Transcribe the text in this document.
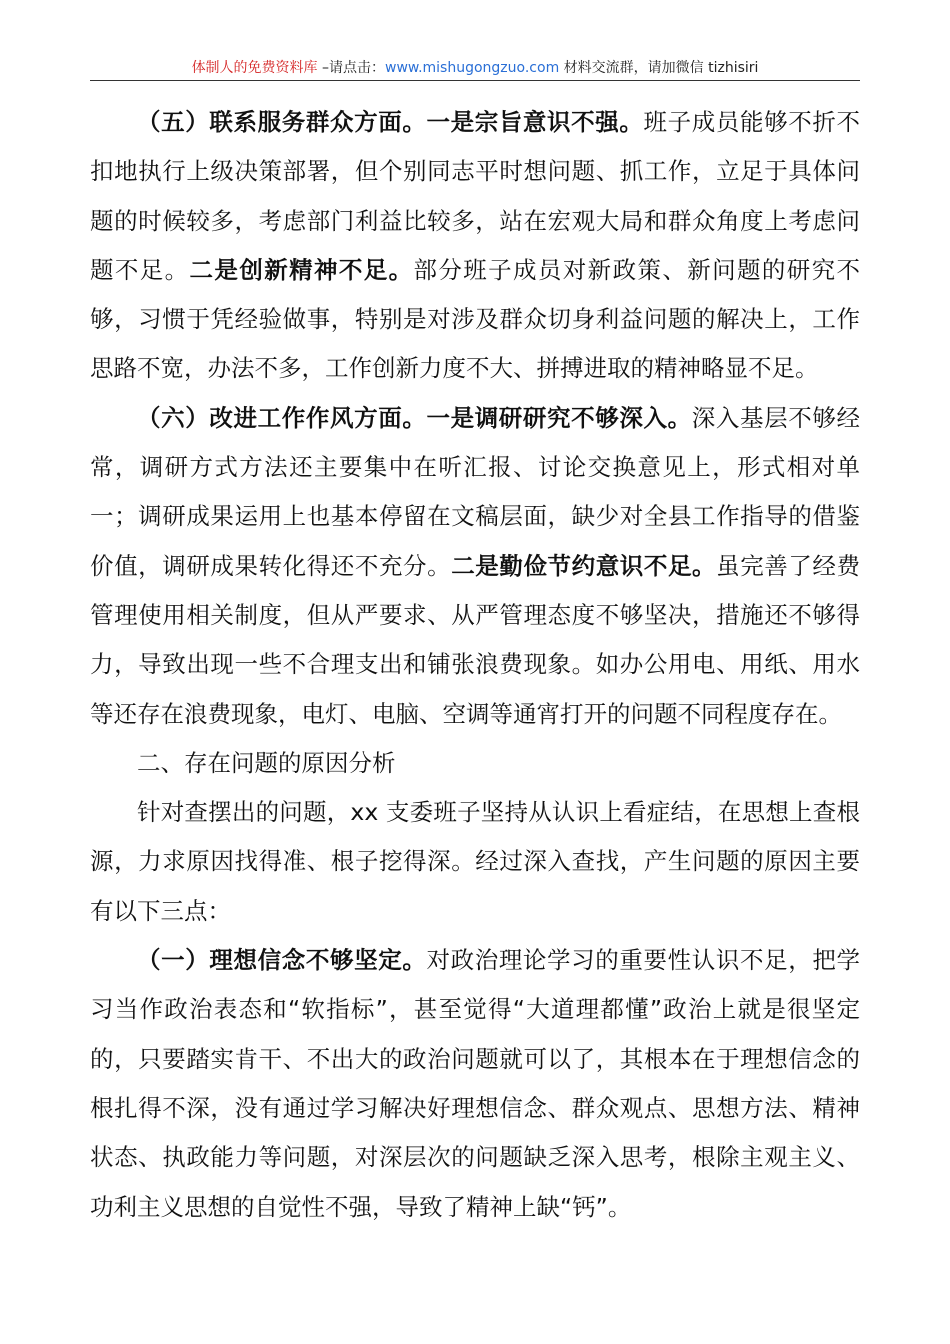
体制人的免费资料库 –请点击：www.mishugongzuo.com 材料交流群，请加微信 tizhisiri

（五）联系服务群众方面。一是宗旨意识不强。班子成员能够不折不扣地执行上级决策部署，但个别同志平时想问题、抓工作，立足于具体问题的时候较多，考虑部门利益比较多，站在宏观大局和群众角度上考虑问题不足。二是创新精神不足。部分班子成员对新政策、新问题的研究不够，习惯于凭经验做事，特别是对涉及群众切身利益问题的解决上，工作思路不宽，办法不多，工作创新力度不大、拼搏进取的精神略显不足。

（六）改进工作作风方面。一是调研研究不够深入。深入基层不够经常，调研方式方法还主要集中在听汇报、讨论交换意见上，形式相对单一；调研成果运用上也基本停留在文稿层面，缺少对全县工作指导的借鉴价值，调研成果转化得还不充分。二是勤俭节约意识不足。虽完善了经费管理使用相关制度，但从严要求、从严管理态度不够坚决，措施还不够得力，导致出现一些不合理支出和铺张浪费现象。如办公用电、用纸、用水等还存在浪费现象，电灯、电脑、空调等通宵打开的问题不同程度存在。

二、存在问题的原因分析

针对查摆出的问题，xx 支委班子坚持从认识上看症结，在思想上查根源，力求原因找得准、根子挖得深。经过深入查找，产生问题的原因主要有以下三点：

（一）理想信念不够坚定。对政治理论学习的重要性认识不足，把学习当作政治表态和“软指标”，甚至觉得“大道理都懂”政治上就是很坚定的，只要踏实肯干、不出大的政治问题就可以了，其根本在于理想信念的根扎得不深，没有通过学习解决好理想信念、群众观点、思想方法、精神状态、执政能力等问题，对深层次的问题缺乏深入思考，根除主观主义、功利主义思想的自觉性不强，导致了精神上缺“钙”。
